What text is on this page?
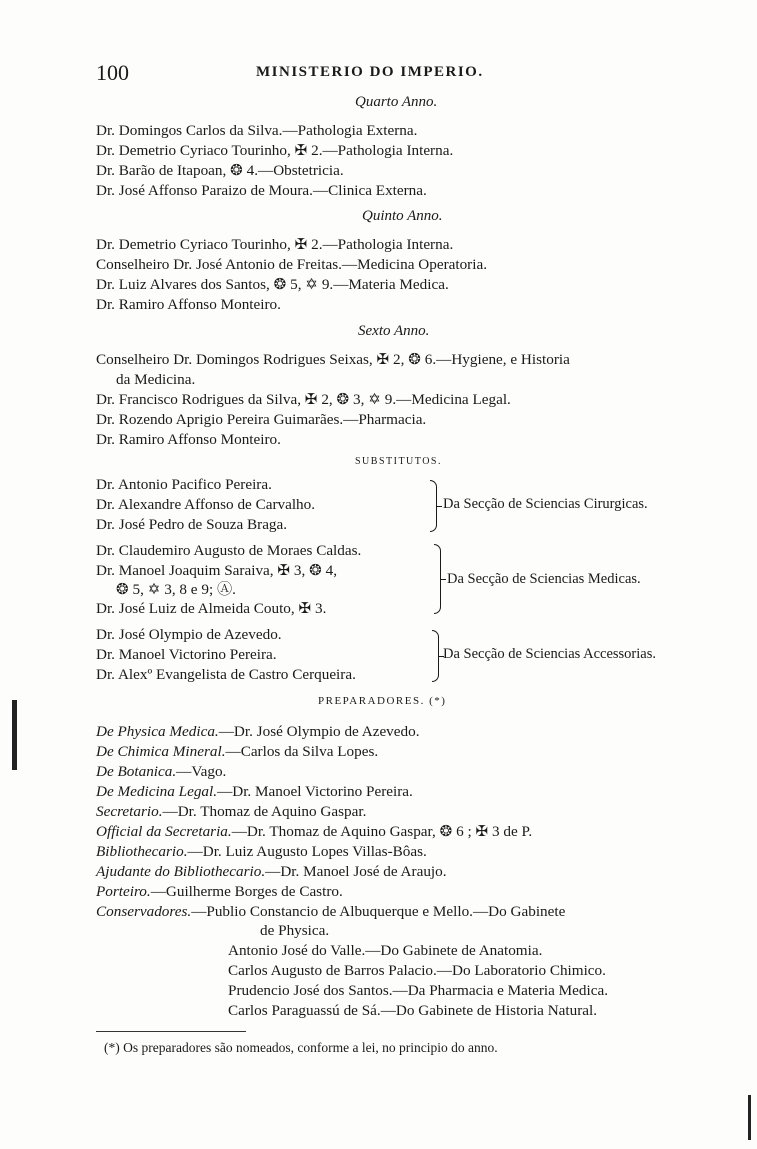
100	MINISTERIO DO IMPERIO.
Quarto Anno.
Dr. Domingos Carlos da Silva.—Pathologia Externa.
Dr. Demetrio Cyriaco Tourinho, ✠ 2.—Pathologia Interna.
Dr. Barão de Itapoan, ❂ 4.—Obstetricia.
Dr. José Affonso Paraizo de Moura.—Clinica Externa.
Quinto Anno.
Dr. Demetrio Cyriaco Tourinho, ✠ 2.—Pathologia Interna.
Conselheiro Dr. José Antonio de Freitas.—Medicina Operatoria.
Dr. Luiz Alvares dos Santos, ❂ 5, ✡ 9.—Materia Medica.
Dr. Ramiro Affonso Monteiro.
Sexto Anno.
Conselheiro Dr. Domingos Rodrigues Seixas, ✠ 2, ❂ 6.—Hygiene, e Historia
da Medicina.
Dr. Francisco Rodrigues da Silva, ✠ 2, ❂ 3, ✡ 9.—Medicina Legal.
Dr. Rozendo Aprigio Pereira Guimarães.—Pharmacia.
Dr. Ramiro Affonso Monteiro.
SUBSTITUTOS.
Dr. Antonio Pacifico Pereira.
Dr. Alexandre Affonso de Carvalho.
Dr. José Pedro de Souza Braga.
Da Secção de Sciencias Cirurgicas.
Dr. Claudemiro Augusto de Moraes Caldas.
Dr. Manoel Joaquim Saraiva, ✠ 3, ❂ 4,
❂ 5, ✡ 3, 8 e 9; Ⓐ.
Dr. José Luiz de Almeida Couto, ✠ 3.
Da Secção de Sciencias Medicas.
Dr. José Olympio de Azevedo.
Dr. Manoel Victorino Pereira.
Dr. Alexº Evangelista de Castro Cerqueira.
Da Secção de Sciencias Accessorias.
PREPARADORES. (*)
De Physica Medica.—Dr. José Olympio de Azevedo.
De Chimica Mineral.—Carlos da Silva Lopes.
De Botanica.—Vago.
De Medicina Legal.—Dr. Manoel Victorino Pereira.
Secretario.—Dr. Thomaz de Aquino Gaspar.
Official da Secretaria.—Dr. Thomaz de Aquino Gaspar, ❂ 6 ; ✠ 3 de P.
Bibliothecario.—Dr. Luiz Augusto Lopes Villas-Bôas.
Ajudante do Bibliothecario.—Dr. Manoel José de Araujo.
Porteiro.—Guilherme Borges de Castro.
Conservadores.—Publio Constancio de Albuquerque e Mello.—Do Gabinete
de Physica.
Antonio José do Valle.—Do Gabinete de Anatomia.
Carlos Augusto de Barros Palacio.—Do Laboratorio Chimico.
Prudencio José dos Santos.—Da Pharmacia e Materia Medica.
Carlos Paraguassú de Sá.—Do Gabinete de Historia Natural.
(*) Os preparadores são nomeados, conforme a lei, no principio do anno.
